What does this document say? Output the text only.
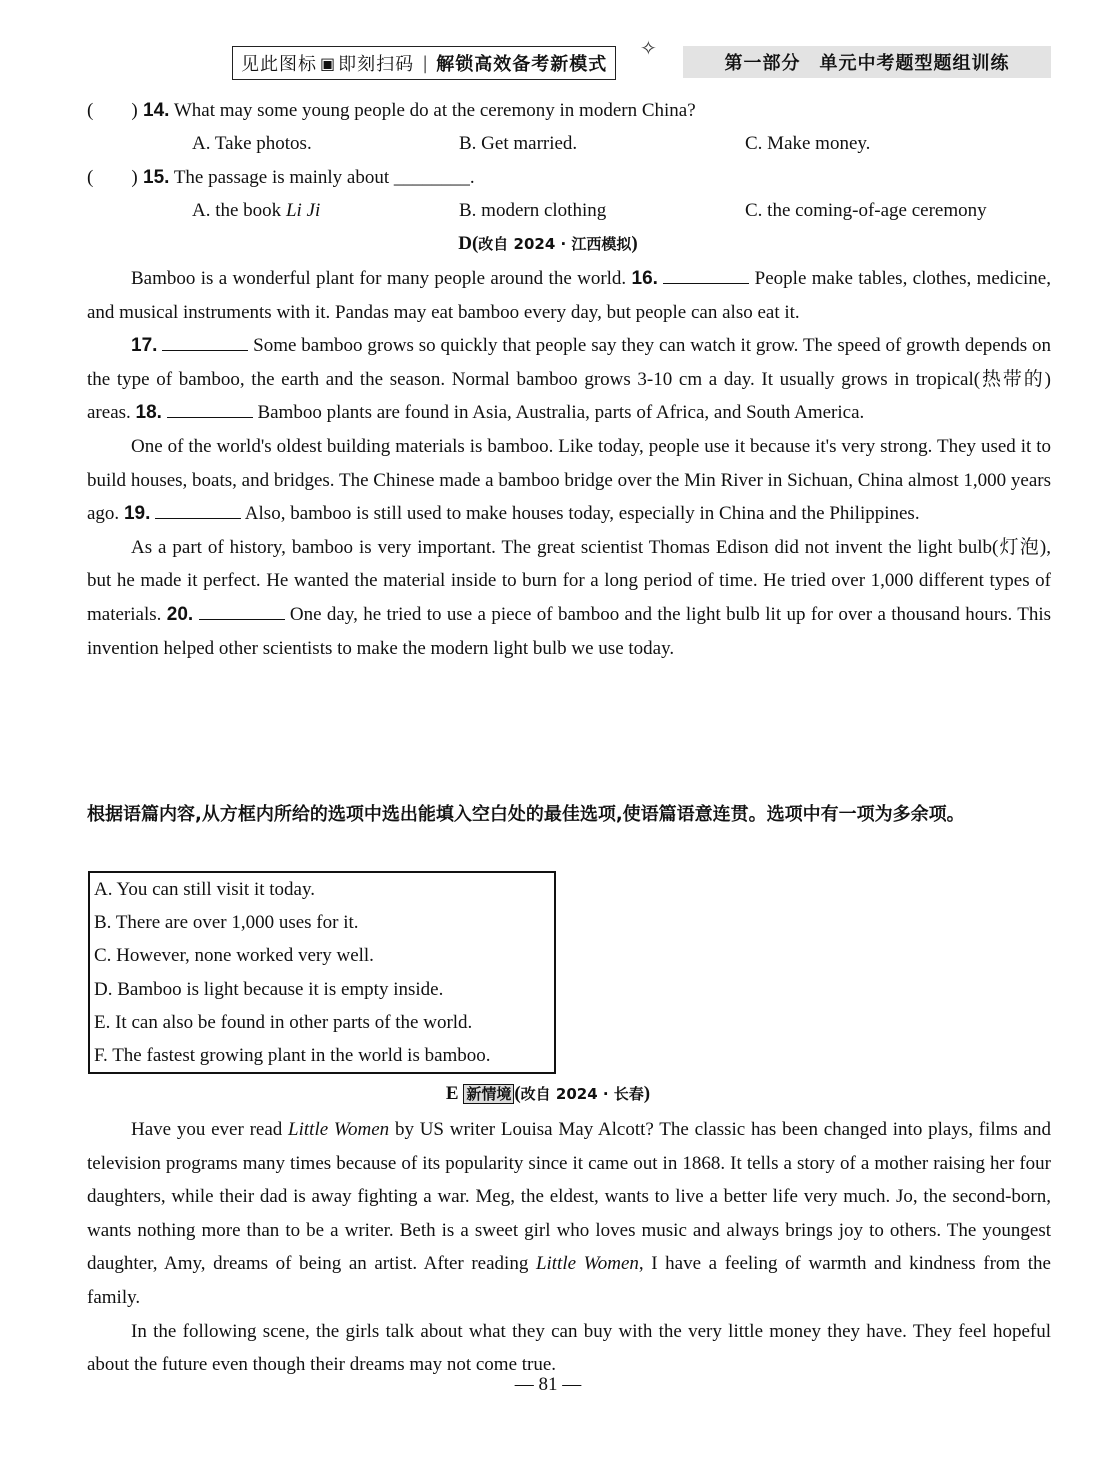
见此图标 ▣ 即刻扫码 | 解锁高效备考新模式
✧
第一部分　单元中考题型题组训练
(　　) 14. What may some young people do at the ceremony in modern China?
A. Take photos.	B. Get married.	C. Make money.
(　　) 15. The passage is mainly about ________.
A. the book Li Ji	B. modern clothing	C. the coming-of-age ceremony
D(改自 2024 · 江西模拟)

Bamboo is a wonderful plant for many people around the world. 16.	People make tables, clothes, medicine, and musical instruments with it. Pandas may eat bamboo every day, but people can also eat it.

17.	Some bamboo grows so quickly that people say they can watch it grow. The speed of growth depends on the type of bamboo, the earth and the season. Normal bamboo grows 3-10 cm a day. It usually grows in tropical(热带的) areas. 18.	Bamboo plants are found in Asia, Australia, parts of Africa, and South America.

One of the world's oldest building materials is bamboo. Like today, people use it because it's very strong. They used it to build houses, boats, and bridges. The Chinese made a bamboo bridge over the Min River in Sichuan, China almost 1,000 years ago. 19.	Also, bamboo is still used to make houses today, especially in China and the Philippines.

As a part of history, bamboo is very important. The great scientist Thomas Edison did not invent the light bulb(灯泡), but he made it perfect. He wanted the material inside to burn for a long period of time. He tried over 1,000 different types of materials. 20.	One day, he tried to use a piece of bamboo and the light bulb lit up for over a thousand hours. This invention helped other scientists to make the modern light bulb we use today.

根据语篇内容,从方框内所给的选项中选出能填入空白处的最佳选项,使语篇语意连贯。选项中有一项为多余项。
A. You can still visit it today.
B. There are over 1,000 uses for it.
C. However, none worked very well.
D. Bamboo is light because it is empty inside.
E. It can also be found in other parts of the world.
F. The fastest growing plant in the world is bamboo.
E 新情境 (改自 2024 · 长春)

Have you ever read Little Women by US writer Louisa May Alcott? The classic has been changed into plays, films and television programs many times because of its popularity since it came out in 1868. It tells a story of a mother raising her four daughters, while their dad is away fighting a war. Meg, the eldest, wants to live a better life very much. Jo, the second-born, wants nothing more than to be a writer. Beth is a sweet girl who loves music and always brings joy to others. The youngest daughter, Amy, dreams of being an artist. After reading Little Women, I have a feeling of warmth and kindness from the family.

In the following scene, the girls talk about what they can buy with the very little money they have. They feel hopeful about the future even though their dreams may not come true.

— 81 —
